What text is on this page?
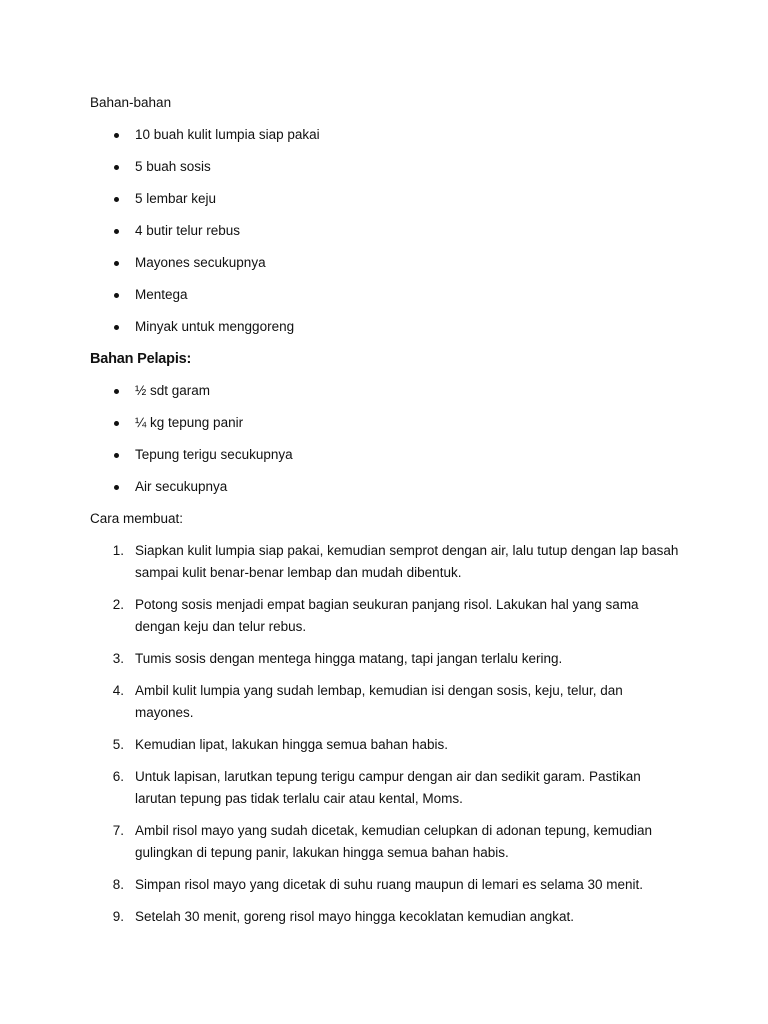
Bahan-bahan

10 buah kulit lumpia siap pakai
5 buah sosis
5 lembar keju
4 butir telur rebus
Mayones secukupnya
Mentega
Minyak untuk menggoreng

Bahan Pelapis:

½ sdt garam
¼ kg tepung panir
Tepung terigu secukupnya
Air secukupnya

Cara membuat:

1. Siapkan kulit lumpia siap pakai, kemudian semprot dengan air, lalu tutup dengan lap basah sampai kulit benar-benar lembap dan mudah dibentuk.
2. Potong sosis menjadi empat bagian seukuran panjang risol. Lakukan hal yang sama dengan keju dan telur rebus.
3. Tumis sosis dengan mentega hingga matang, tapi jangan terlalu kering.
4. Ambil kulit lumpia yang sudah lembap, kemudian isi dengan sosis, keju, telur, dan mayones.
5. Kemudian lipat, lakukan hingga semua bahan habis.
6. Untuk lapisan, larutkan tepung terigu campur dengan air dan sedikit garam. Pastikan larutan tepung pas tidak terlalu cair atau kental, Moms.
7. Ambil risol mayo yang sudah dicetak, kemudian celupkan di adonan tepung, kemudian gulingkan di tepung panir, lakukan hingga semua bahan habis.
8. Simpan risol mayo yang dicetak di suhu ruang maupun di lemari es selama 30 menit.
9. Setelah 30 menit, goreng risol mayo hingga kecoklatan kemudian angkat.
